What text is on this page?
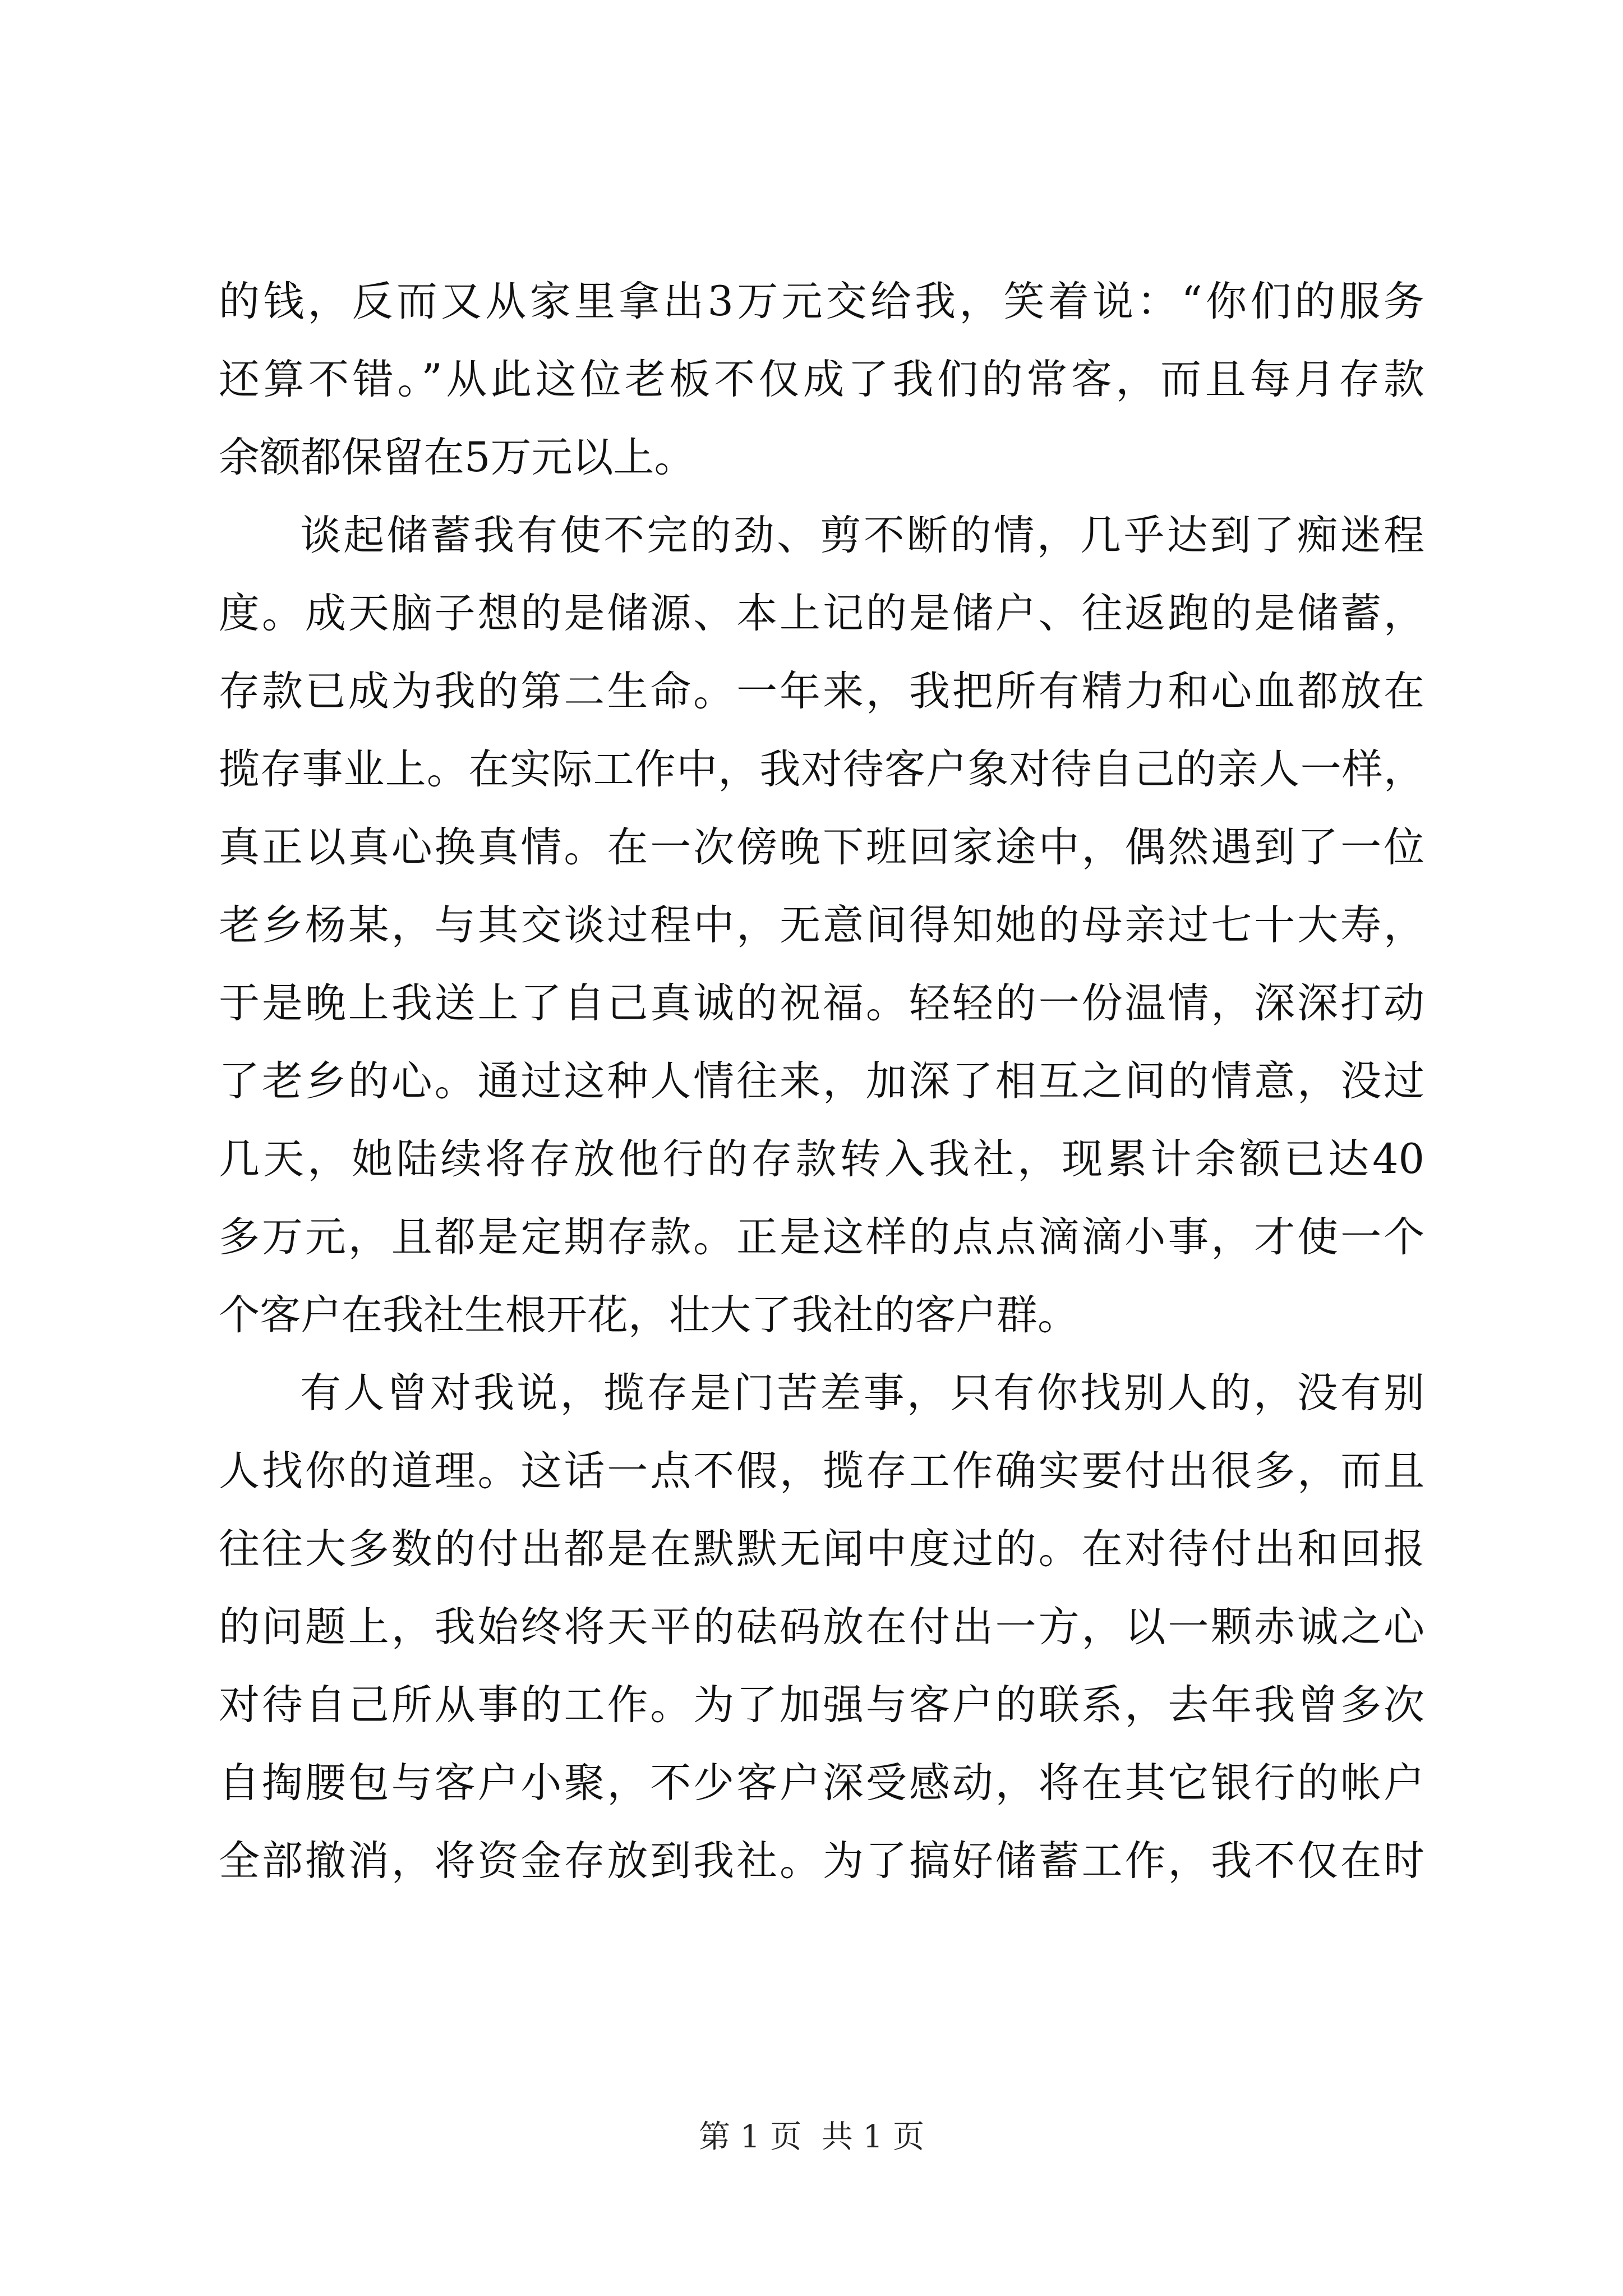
的钱，反而又从家里拿出3万元交给我，笑着说：“你们的服务
还算不错。”从此这位老板不仅成了我们的常客，而且每月存款
余额都保留在5万元以上。
谈起储蓄我有使不完的劲、剪不断的情，几乎达到了痴迷程
度。成天脑子想的是储源、本上记的是储户、往返跑的是储蓄，
存款已成为我的第二生命。一年来，我把所有精力和心血都放在
揽存事业上。在实际工作中，我对待客户象对待自己的亲人一样，
真正以真心换真情。在一次傍晚下班回家途中，偶然遇到了一位
老乡杨某，与其交谈过程中，无意间得知她的母亲过七十大寿，
于是晚上我送上了自己真诚的祝福。轻轻的一份温情，深深打动
了老乡的心。通过这种人情往来，加深了相互之间的情意，没过
几天，她陆续将存放他行的存款转入我社，现累计余额已达40
多万元，且都是定期存款。正是这样的点点滴滴小事，才使一个
个客户在我社生根开花，壮大了我社的客户群。
有人曾对我说，揽存是门苦差事，只有你找别人的，没有别
人找你的道理。这话一点不假，揽存工作确实要付出很多，而且
往往大多数的付出都是在默默无闻中度过的。在对待付出和回报
的问题上，我始终将天平的砝码放在付出一方，以一颗赤诚之心
对待自己所从事的工作。为了加强与客户的联系，去年我曾多次
自掏腰包与客户小聚，不少客户深受感动，将在其它银行的帐户
全部撤消，将资金存放到我社。为了搞好储蓄工作，我不仅在时
第 1 页  共 1 页
